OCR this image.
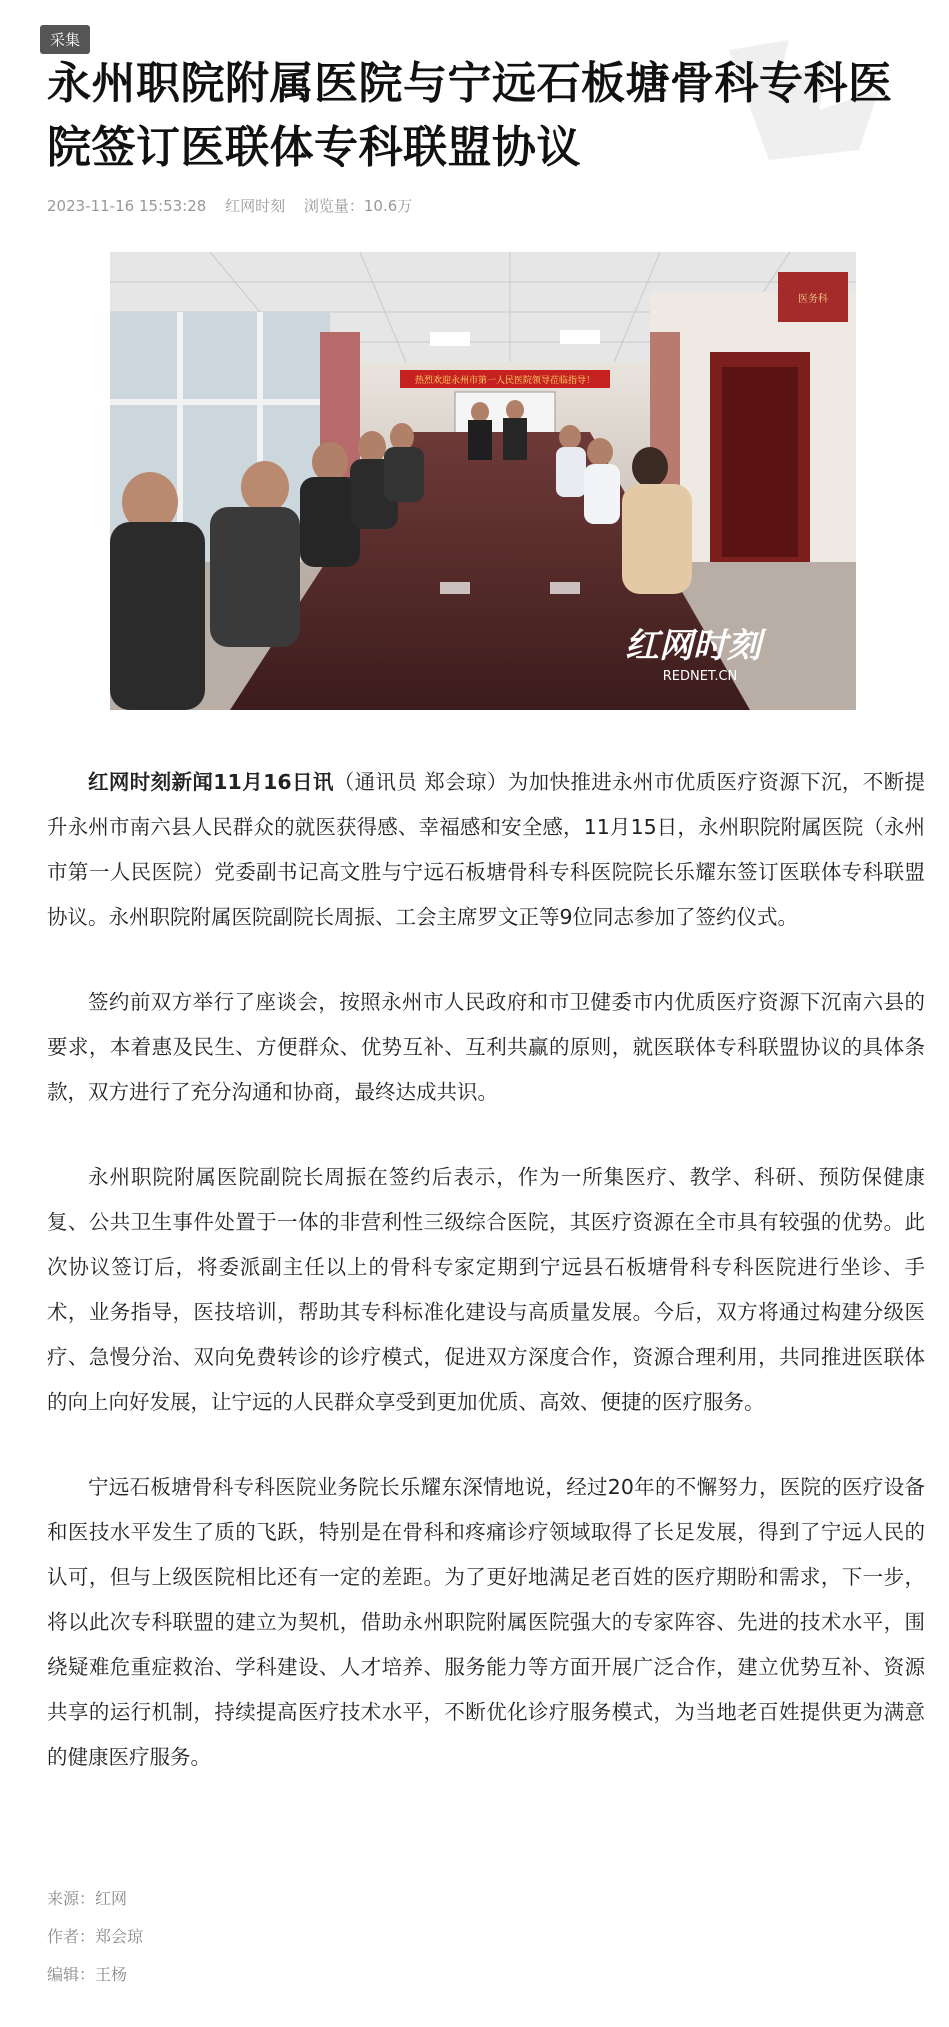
采集
永州职院附属医院与宁远石板塘骨科专科医院签订医联体专科联盟协议
2023-11-16 15:53:28 红网时刻 浏览量：10.6万
热烈欢迎永州市第一人民医院领导莅临指导！
医务科
红网时刻
REDNET.CN

红网时刻新闻11月16日讯（通讯员 郑会琼）为加快推进永州市优质医疗资源下沉，不断提升永州市南六县人民群众的就医获得感、幸福感和安全感，11月15日，永州职院附属医院（永州市第一人民医院）党委副书记高文胜与宁远石板塘骨科专科医院院长乐耀东签订医联体专科联盟协议。永州职院附属医院副院长周振、工会主席罗文正等9位同志参加了签约仪式。

签约前双方举行了座谈会，按照永州市人民政府和市卫健委市内优质医疗资源下沉南六县的要求，本着惠及民生、方便群众、优势互补、互利共赢的原则，就医联体专科联盟协议的具体条款，双方进行了充分沟通和协商，最终达成共识。

永州职院附属医院副院长周振在签约后表示，作为一所集医疗、教学、科研、预防保健康复、公共卫生事件处置于一体的非营利性三级综合医院，其医疗资源在全市具有较强的优势。此次协议签订后，将委派副主任以上的骨科专家定期到宁远县石板塘骨科专科医院进行坐诊、手术，业务指导，医技培训，帮助其专科标准化建设与高质量发展。今后，双方将通过构建分级医疗、急慢分治、双向免费转诊的诊疗模式，促进双方深度合作，资源合理利用，共同推进医联体的向上向好发展，让宁远的人民群众享受到更加优质、高效、便捷的医疗服务。

宁远石板塘骨科专科医院业务院长乐耀东深情地说，经过20年的不懈努力，医院的医疗设备和医技水平发生了质的飞跃，特别是在骨科和疼痛诊疗领域取得了长足发展，得到了宁远人民的认可，但与上级医院相比还有一定的差距。为了更好地满足老百姓的医疗期盼和需求，下一步，将以此次专科联盟的建立为契机，借助永州职院附属医院强大的专家阵容、先进的技术水平，围绕疑难危重症救治、学科建设、人才培养、服务能力等方面开展广泛合作，建立优势互补、资源共享的运行机制，持续提高医疗技术水平，不断优化诊疗服务模式，为当地老百姓提供更为满意的健康医疗服务。

来源：红网
作者：郑会琼
编辑：王杨
